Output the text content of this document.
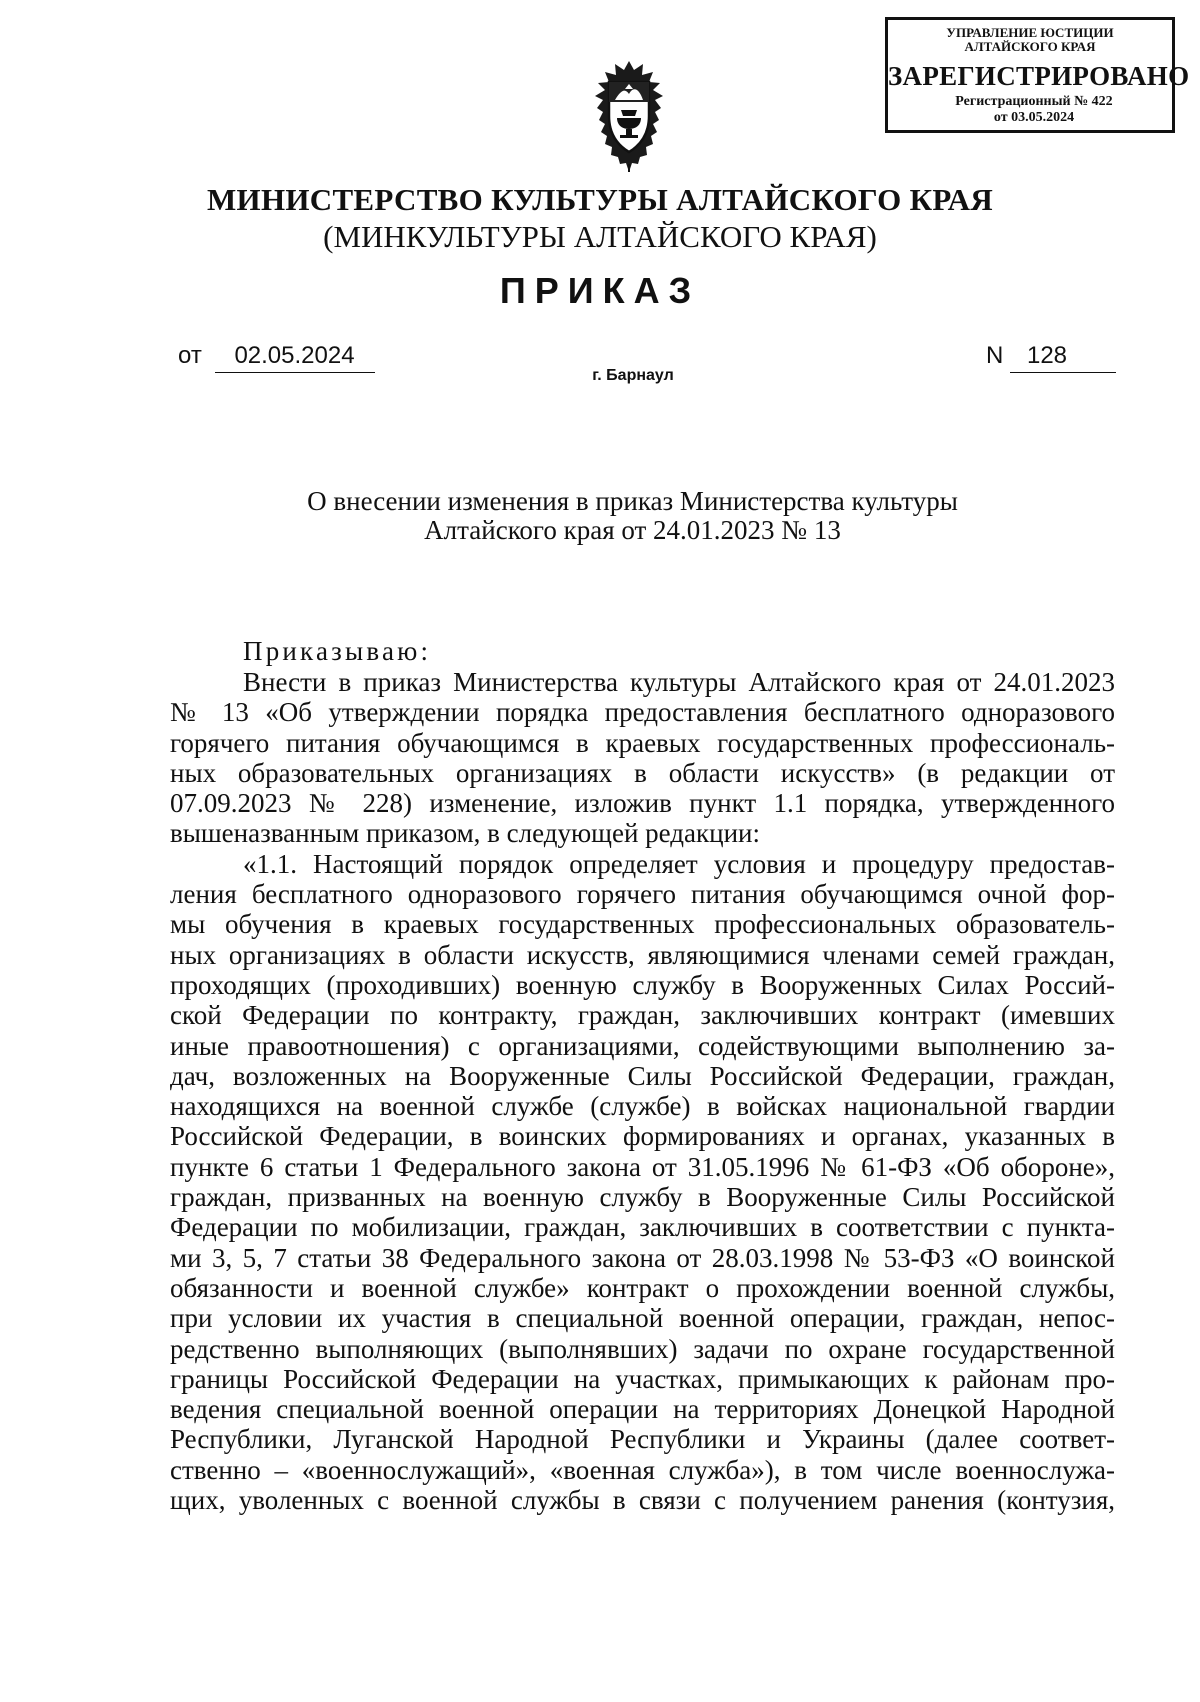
УПРАВЛЕНИЕ ЮСТИЦИИ
АЛТАЙСКОГО КРАЯ
ЗАРЕГИСТРИРОВАНО
Регистрационный № 422
от 03.05.2024
МИНИСТЕРСТВО КУЛЬТУРЫ АЛТАЙСКОГО КРАЯ
(МИНКУЛЬТУРЫ АЛТАЙСКОГО КРАЯ)
ПРИКАЗ
от	02.05.2024
г. Барнаул
N 128
О внесении изменения в приказ Министерства культуры
Алтайского края от 24.01.2023 № 13
Приказываю:
Внести в приказ Министерства культуры Алтайского края от 24.01.2023
№ 13 «Об утверждении порядка предоставления бесплатного одноразового
горячего питания обучающимся в краевых государственных профессиональ-
ных образовательных организациях в области искусств» (в редакции от
07.09.2023 № 228) изменение, изложив пункт 1.1 порядка, утвержденного
вышеназванным приказом, в следующей редакции:
«1.1. Настоящий порядок определяет условия и процедуру предостав-
ления бесплатного одноразового горячего питания обучающимся очной фор-
мы обучения в краевых государственных профессиональных образователь-
ных организациях в области искусств, являющимися членами семей граждан,
проходящих (проходивших) военную службу в Вооруженных Силах Россий-
ской Федерации по контракту, граждан, заключивших контракт (имевших
иные правоотношения) с организациями, содействующими выполнению за-
дач, возложенных на Вооруженные Силы Российской Федерации, граждан,
находящихся на военной службе (службе) в войсках национальной гвардии
Российской Федерации, в воинских формированиях и органах, указанных в
пункте 6 статьи 1 Федерального закона от 31.05.1996 № 61-ФЗ «Об обороне»,
граждан, призванных на военную службу в Вооруженные Силы Российской
Федерации по мобилизации, граждан, заключивших в соответствии с пункта-
ми 3, 5, 7 статьи 38 Федерального закона от 28.03.1998 № 53-ФЗ «О воинской
обязанности и военной службе» контракт о прохождении военной службы,
при условии их участия в специальной военной операции, граждан, непос-
редственно выполняющих (выполнявших) задачи по охране государственной
границы Российской Федерации на участках, примыкающих к районам про-
ведения специальной военной операции на территориях Донецкой Народной
Республики, Луганской Народной Республики и Украины (далее соответ-
ственно – «военнослужащий», «военная служба»), в том числе военнослужа-
щих, уволенных с военной службы в связи с получением ранения (контузия,
